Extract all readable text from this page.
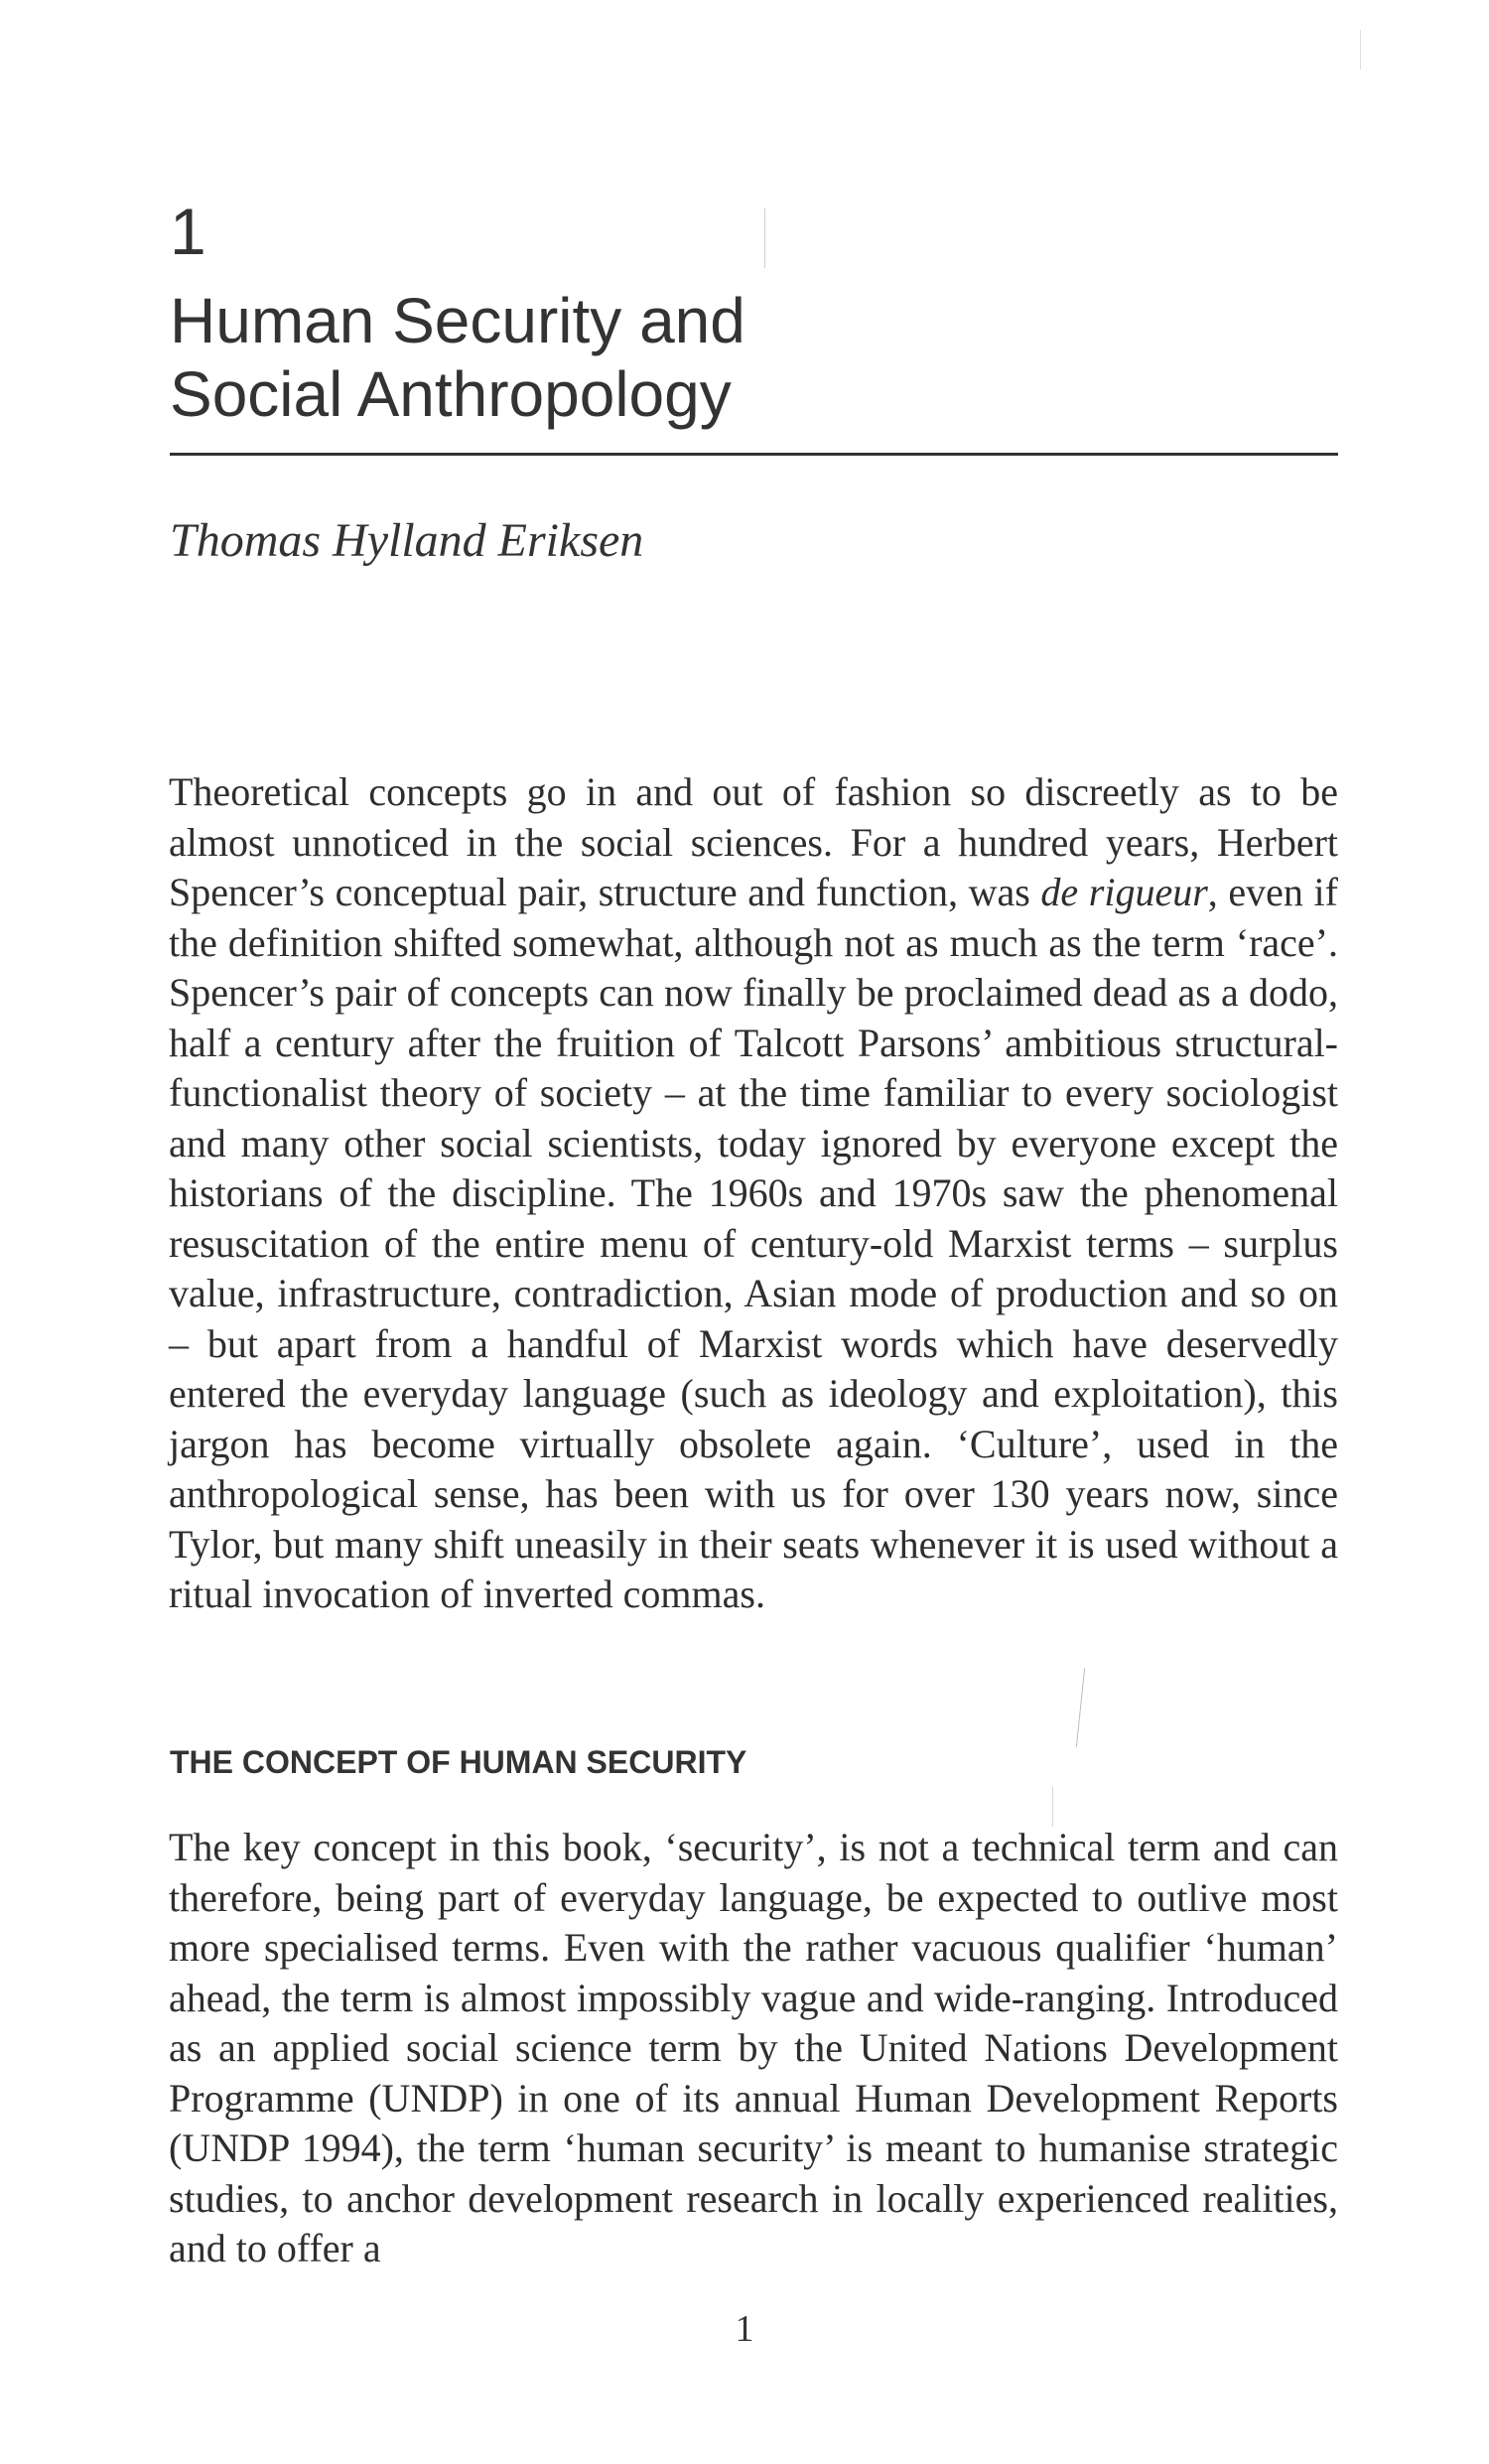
1
Human Security and
Social Anthropology

Thomas Hylland Eriksen

Theoretical concepts go in and out of fashion so discreetly as to be almost unnoticed in the social sciences. For a hundred years, Herbert Spencer’s conceptual pair, structure and function, was de rigueur, even if the definition shifted somewhat, although not as much as the term ‘race’. Spencer’s pair of concepts can now finally be proclaimed dead as a dodo, half a century after the fruition of Talcott Parsons’ ambitious structural-functionalist theory of society – at the time familiar to every sociologist and many other social scientists, today ignored by everyone except the historians of the discipline. The 1960s and 1970s saw the phenomenal resuscitation of the entire menu of century-old Marxist terms – surplus value, infrastructure, contradiction, Asian mode of production and so on – but apart from a handful of Marxist words which have deservedly entered the everyday language (such as ideology and exploitation), this jargon has become virtually obsolete again. ‘Culture’, used in the anthropological sense, has been with us for over 130 years now, since Tylor, but many shift uneasily in their seats whenever it is used without a ritual invocation of inverted commas.

THE CONCEPT OF HUMAN SECURITY

The key concept in this book, ‘security’, is not a technical term and can therefore, being part of everyday language, be expected to outlive most more specialised terms. Even with the rather vacuous qualifier ‘human’ ahead, the term is almost impossibly vague and wide-ranging. Introduced as an applied social science term by the United Nations Development Programme (UNDP) in one of its annual Human Development Reports (UNDP 1994), the term ‘human security’ is meant to humanise strategic studies, to anchor development research in locally experienced realities, and to offer a

1
